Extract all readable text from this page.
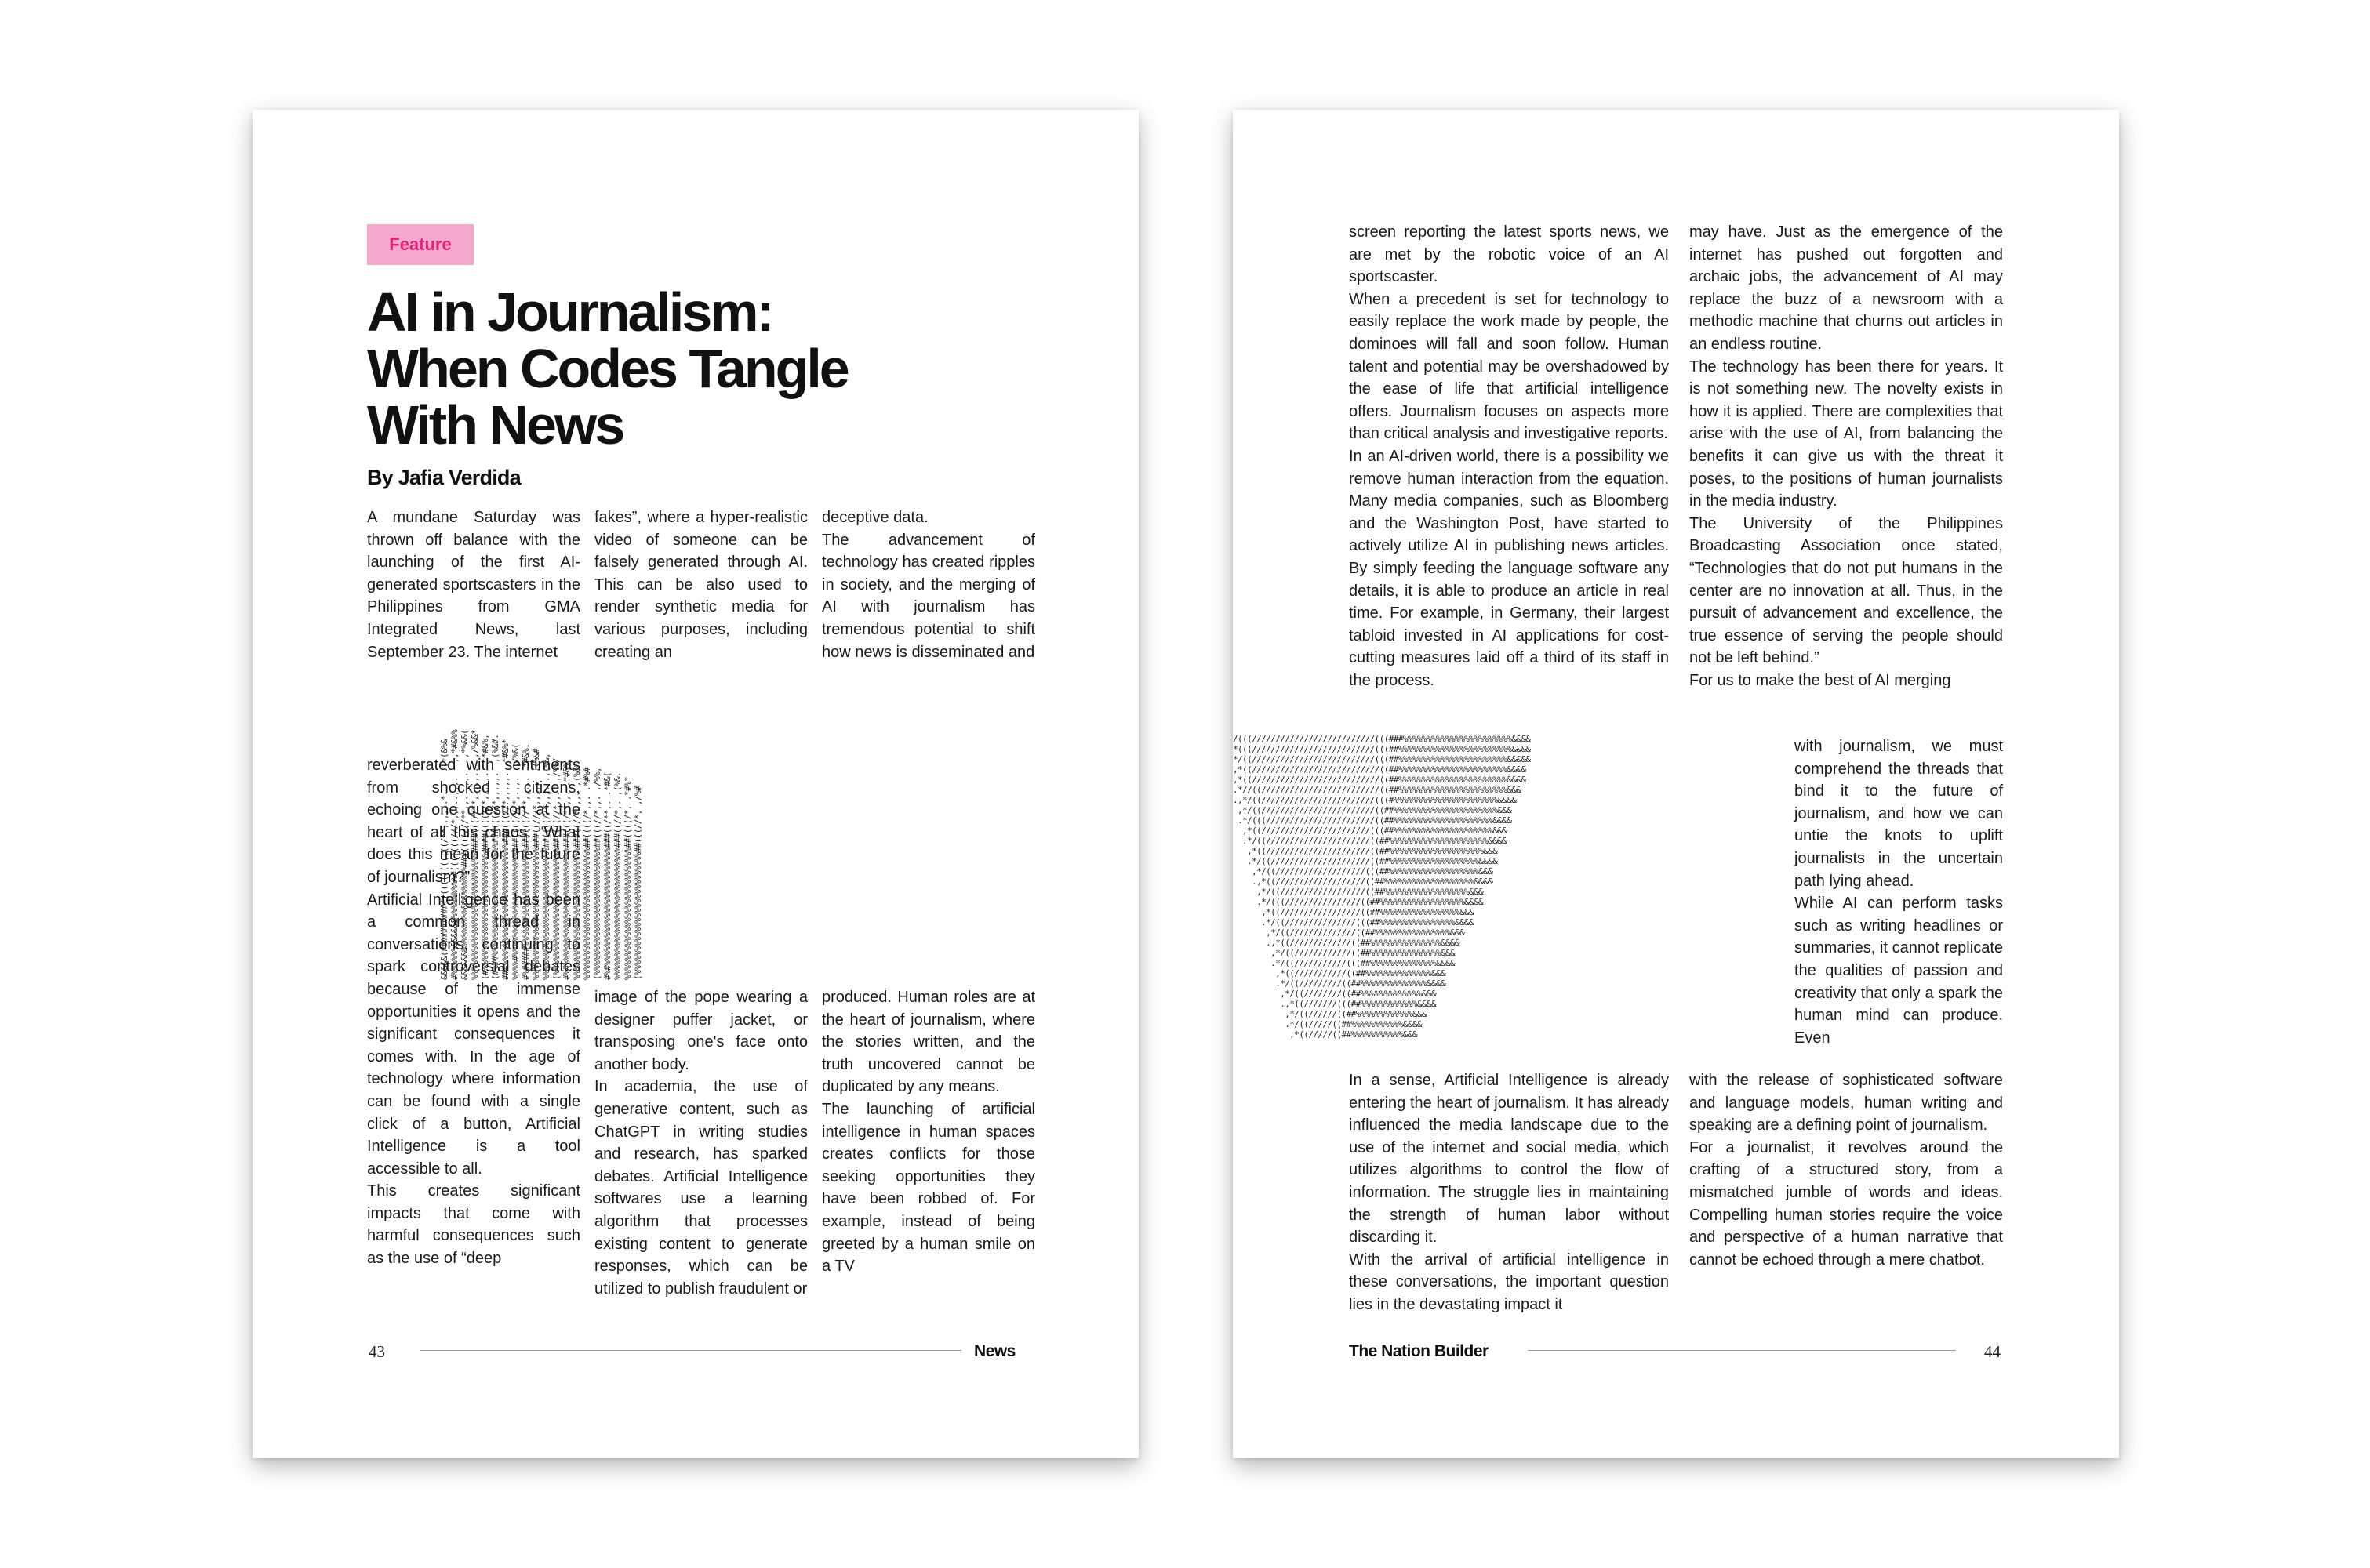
Feature
AI in Journalism:
When Codes Tangle
With News
By Jafia Verdida

A mundane Saturday was thrown off balance with the launching of the first AI-generated sportscasters in the Philippines from GMA Integrated News, last September 23. The internet

fakes”, where a hyper-realistic video of someone can be falsely generated through AI. This can be also used to render synthetic media for various purposes, including creating an

deceptive data.

The advancement of technology has created ripples in society, and the merging of AI with journalism has tremendous potential to shift how news is disseminated and

&&&&&(##########(((((((((((((/**,,,,,.*.    .,*(&%&
#%%%%%%&&&&&&%%%%%%%%%#(((((((///*,,,..,,,.   ,,*#&%%
&&&&&&%%%%%%%%%&&&%%%%%%###((((///**,,..,,,.  .,*%&&(
%%%%%%%%%%%%%%%%%%%%%%%%%%%####(((//**,..,,.. .,/%&&*
(#%%%%%%%%%%%%%%%%%%%%%%%%%####((((//*,,.,,.. .*#&%,
(#%##%%%%%%%%%%%%%%%%%%%%%%%%###(((//*,,,,,.  ,(%&#.
###%%%%%%%%%%%%%%%%%%%%%%%%%%###(((//*,,,,,. .*#&%*
%%%%#%%%%%%%%%%%%%%%%%%%%%%###((((///*,.,,.  ,/%&(
#%#####%%%%%%%%%%%%%%%%%%%%%###(((//**,,,,. .*#&%.
%%%%%%%%%%%%%%%%%%%%%%%%%%%%###((///*,,,,.  ,(%&#
%%%%%%%%%%%%%%%%%%%%%%%%%%%%##((((//*,,,. .,(%&,
(%%%%%%%%%%%%%%%%%%%%%%%%%%%##((((//*,,.  ,/%%/
#%#%%%%%%%%%%%%%%%%%%%%%%%%%###(((/**,,. .*#&%.
%%%%%%%%%%%%%%%%%%%%%%%%%%%%###((//*,,,. ,(%&*
%%%%%%%%%%%%%%%%%%%%%%%%%%%%##((((/*,,. .*#%#
(%%%%%%%%%%%%%%%%%%%%%%%%%%%##(((//*,,. ,/%%,
#%#%%%%%%%%%%%%%%%%%%%%%%%%%###((/**,. .*#&(
%%%%%%%%%%%%%%%%%%%%%%%%%%%%###((//*,. ,(%&.
%%%%%%%%%%%%%%%%%%%%%%%%%%%%##((((/*, .*#%*
(%%%%%%%%%%%%%%%%%%%%%%%%%%##(((//*, ,/%#

reverberated with sentiments from shocked citizens, echoing one question at the heart of all this chaos: “What does this mean for the future of journalism?”

Artificial Intelligence has been a common thread in conversations, continuing to spark controversial debates because of the immense opportunities it opens and the significant consequences it comes with. In the age of technology where information can be found with a single click of a button, Artificial Intelligence is a tool accessible to all.

This creates significant impacts that come with harmful consequences such as the use of “deep

image of the pope wearing a designer puffer jacket, or transposing one's face onto another body.

In academia, the use of generative content, such as ChatGPT in writing studies and research, has sparked debates. Artificial Intelligence softwares use a learning algorithm that processes existing content to generate responses, which can be utilized to publish fraudulent or

produced. Human roles are at the heart of journalism, where the stories written, and the truth uncovered cannot be duplicated by any means.

The launching of artificial intelligence in human spaces creates conflicts for those seeking opportunities they have been robbed of. For example, instead of being greeted by a human smile on a TV

43	News

screen reporting the latest sports news, we are met by the robotic voice of an AI sportscaster.

When a precedent is set for technology to easily replace the work made by people, the dominoes will fall and soon follow. Human talent and potential may be overshadowed by the ease of life that artificial intelligence offers. Journalism focuses on aspects more than critical analysis and investigative reports.

In an AI-driven world, there is a possibility we remove human interaction from the equation. Many media companies, such as Bloomberg and the Washington Post, have started to actively utilize AI in publishing news articles. By simply feeding the language software any details, it is able to produce an article in real time. For example, in Germany, their largest tabloid invested in AI applications for cost-cutting measures laid off a third of its staff in the process.

may have. Just as the emergence of the internet has pushed out forgotten and archaic jobs, the advancement of AI may replace the buzz of a newsroom with a methodic machine that churns out articles in an endless routine.

The technology has been there for years. It is not something new. The novelty exists in how it is applied. There are complexities that arise with the use of AI, from balancing the benefits it can give us with the threat it poses, to the positions of human journalists in the media industry.

The University of the Philippines Broadcasting Association once stated, “Technologies that do not put humans in the center are no innovation at all. Thus, in the pursuit of advancement and excellence, the true essence of serving the people should not be left behind.”

For us to make the best of AI merging

/(((//////////////////////////(((###%%%%%%%%%%%%%%%%%%%%%%%&&&&
*(((//////////////////////////(((##%%%%%%%%%%%%%%%%%%%%%%%%&&&&
*/((//////////////////////////(((##%%%%%%%%%%%%%%%%%%%%%%%&&&&&
,*((///////////////////////////((##%%%%%%%%%%%%%%%%%%%%%%%&&&&
,*((///////////////////////////((##%%%%%%%%%%%%%%%%%%%%%%%&&&&
.*//((/////////////////////////((##%%%%%%%%%%%%%%%%%%%%%%%&&&
.,*/((////////////////////////(((#%%%%%%%%%%%%%%%%%%%%%%&&&&
,*/((////////////////////////((##%%%%%%%%%%%%%%%%%%%%%%&&&
.*/(((///////////////////////((##%%%%%%%%%%%%%%%%%%%%%&&&&
,*((///////////////////////(((##%%%%%%%%%%%%%%%%%%%%%&&&
.*/((//////////////////////((##%%%%%%%%%%%%%%%%%%%%%&&&&
,*((//////////////////////((##%%%%%%%%%%%%%%%%%%%%&&&
.*/((/////////////////////((##%%%%%%%%%%%%%%%%%%%&&&&
,*/((///////////////////(((##%%%%%%%%%%%%%%%%%%%&&&
.,*((///////////////////((##%%%%%%%%%%%%%%%%%%%&&&&
,*/((//////////////////((##%%%%%%%%%%%%%%%%%%&&&
.*/(((////////////////((##%%%%%%%%%%%%%%%%%%&&&&
,*((/////////////////((##%%%%%%%%%%%%%%%%%&&&
.*/((///////////////(((##%%%%%%%%%%%%%%%%&&&&
,*/((//////////////((##%%%%%%%%%%%%%%%%&&&
.,*((/////////////((##%%%%%%%%%%%%%%%&&&&
,*/((////////////((##%%%%%%%%%%%%%%%&&&
.*/((///////////(((##%%%%%%%%%%%%%%&&&&
,*((///////////((##%%%%%%%%%%%%%%&&&
.*/((/////////((##%%%%%%%%%%%%%%&&&&
,*/((////////((##%%%%%%%%%%%%%&&&
.,*((///////(((##%%%%%%%%%%%%&&&&
,*/((//////((##%%%%%%%%%%%%&&&
.*/((/////((##%%%%%%%%%%%&&&&
,*((/////((##%%%%%%%%%%%&&&

with journalism, we must comprehend the threads that bind it to the future of journalism, and how we can untie the knots to uplift journalists in the uncertain path lying ahead.

While AI can perform tasks such as writing headlines or summaries, it cannot replicate the qualities of passion and creativity that only a spark the human mind can produce. Even

In a sense, Artificial Intelligence is already entering the heart of journalism. It has already influenced the media landscape due to the use of the internet and social media, which utilizes algorithms to control the flow of information. The struggle lies in maintaining the strength of human labor without discarding it.

With the arrival of artificial intelligence in these conversations, the important question lies in the devastating impact it

with the release of sophisticated software and language models, human writing and speaking are a defining point of journalism.

For a journalist, it revolves around the crafting of a structured story, from a mismatched jumble of words and ideas. Compelling human stories require the voice and perspective of a human narrative that cannot be echoed through a mere chatbot.

The Nation Builder	44
